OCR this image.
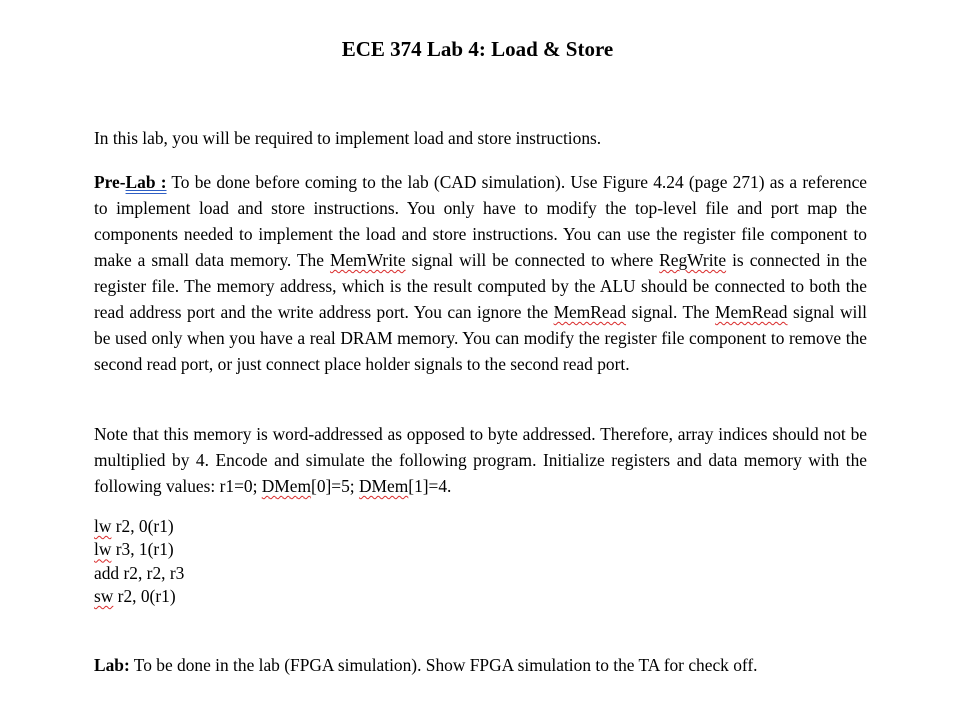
ECE 374 Lab 4: Load & Store
In this lab, you will be required to implement load and store instructions.
Pre-Lab : To be done before coming to the lab (CAD simulation). Use Figure 4.24 (page 271) as a reference to implement load and store instructions. You only have to modify the top-level file and port map the components needed to implement the load and store instructions. You can use the register file component to make a small data memory. The MemWrite signal will be connected to where RegWrite is connected in the register file. The memory address, which is the result computed by the ALU should be connected to both the read address port and the write address port. You can ignore the MemRead signal. The MemRead signal will be used only when you have a real DRAM memory. You can modify the register file component to remove the second read port, or just connect place holder signals to the second read port.
Note that this memory is word-addressed as opposed to byte addressed. Therefore, array indices should not be multiplied by 4. Encode and simulate the following program. Initialize registers and data memory with the following values: r1=0; DMem[0]=5; DMem[1]=4.
lw r2, 0(r1)
lw r3, 1(r1)
add r2, r2, r3
sw r2, 0(r1)
Lab: To be done in the lab (FPGA simulation). Show FPGA simulation to the TA for check off.
